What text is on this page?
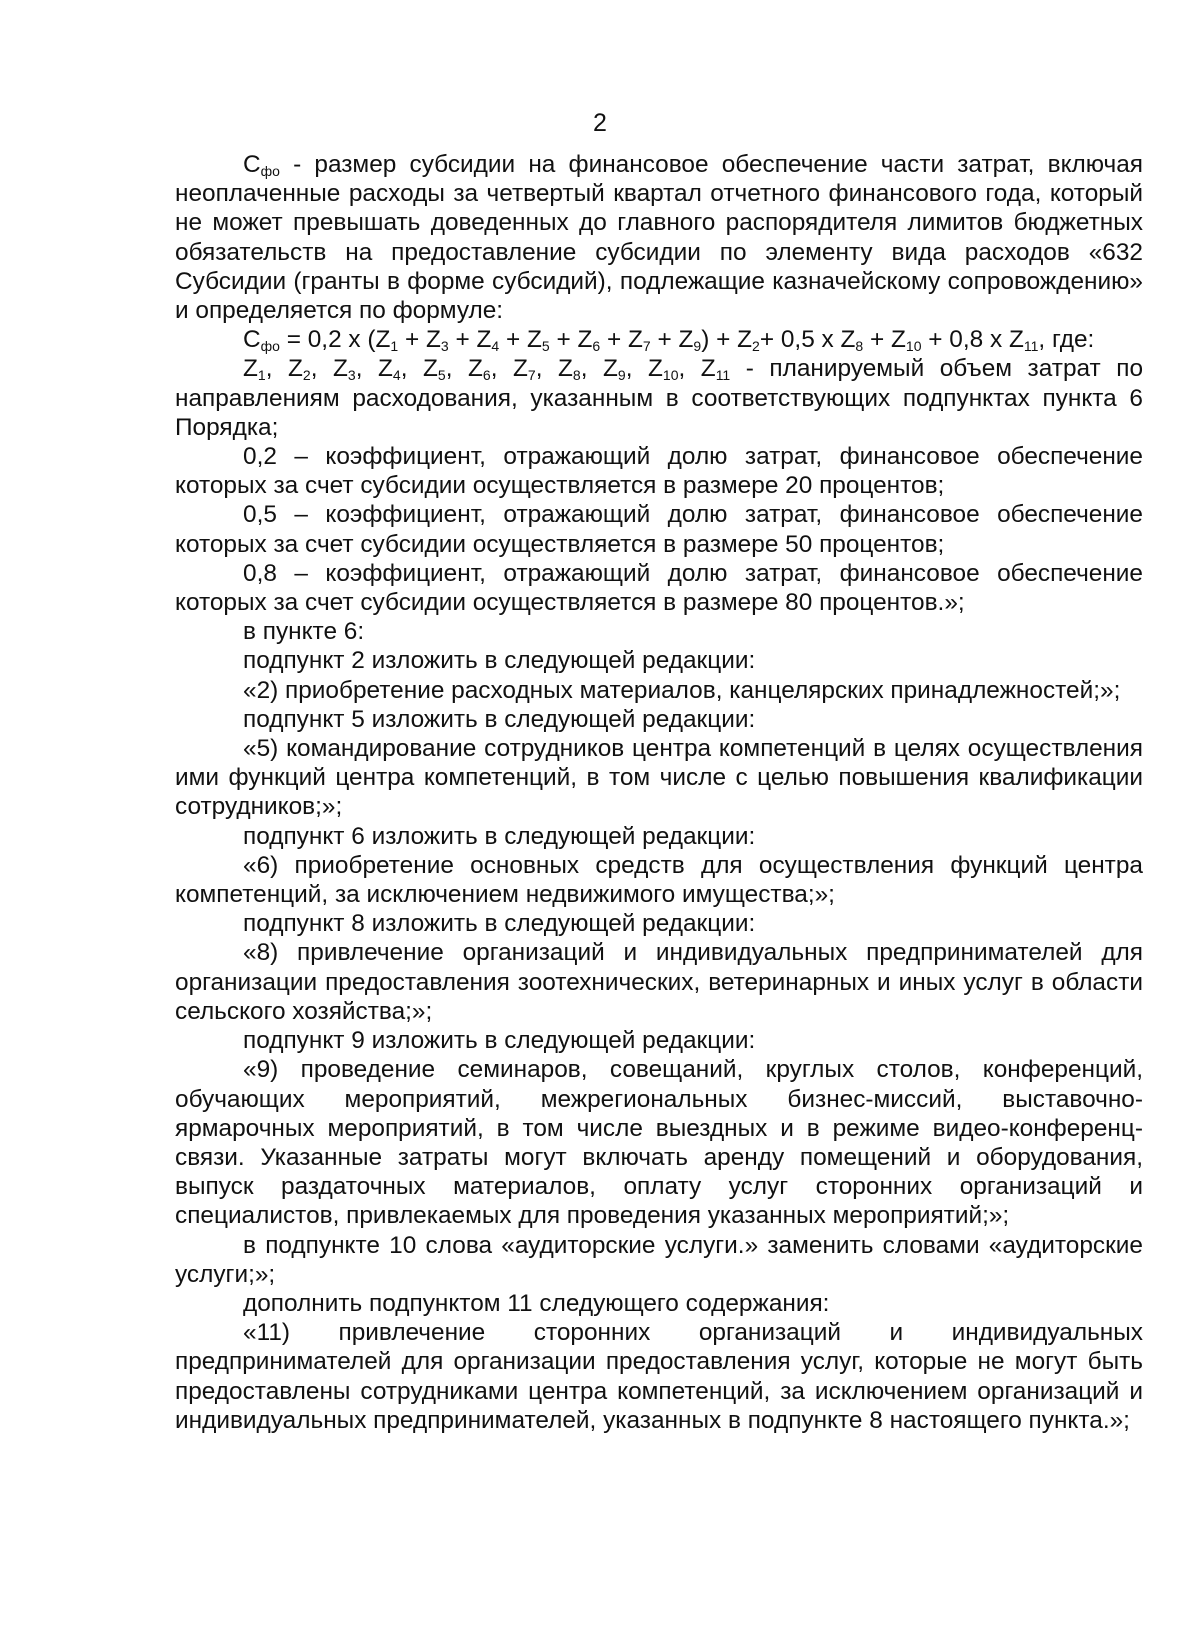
2

$С_{фо}$ - размер субсидии на финансовое обеспечение части затрат, включая неоплаченные расходы за четвертый квартал отчетного финансового года, который не может превышать доведенных до главного распорядителя лимитов бюджетных обязательств на предоставление субсидии по элементу вида расходов «632 Субсидии (гранты в форме субсидий), подлежащие казначейскому сопровождению» и определяется по формуле:

$С_{фо} = 0,2$ х $(Z_1 + Z_3 + Z_4 + Z_5 + Z_6 + Z_7 + Z_9) + Z_2+ 0,5$ х $Z_8 + Z_{10} + 0,8$ х $Z_{11}$, где:

$Z_1$, $Z_2$, $Z_3$, $Z_4$, $Z_5$, $Z_6$, $Z_7$, $Z_8$, $Z_9$, $Z_{10}$, $Z_{11}$ - планируемый объем затрат по направлениям расходования, указанным в соответствующих подпунктах пункта 6 Порядка;

0,2 – коэффициент, отражающий долю затрат, финансовое обеспечение которых за счет субсидии осуществляется в размере 20 процентов;

0,5 – коэффициент, отражающий долю затрат, финансовое обеспечение которых за счет субсидии осуществляется в размере 50 процентов;

0,8 – коэффициент, отражающий долю затрат, финансовое обеспечение которых за счет субсидии осуществляется в размере 80 процентов.»;

в пункте 6:

подпункт 2 изложить в следующей редакции:

«2) приобретение расходных материалов, канцелярских принадлежностей;»;

подпункт 5 изложить в следующей редакции:

«5) командирование сотрудников центра компетенций в целях осуществления ими функций центра компетенций, в том числе с целью повышения квалификации сотрудников;»;

подпункт 6 изложить в следующей редакции:

«6) приобретение основных средств для осуществления функций центра компетенций, за исключением недвижимого имущества;»;

подпункт 8 изложить в следующей редакции:

«8) привлечение организаций и индивидуальных предпринимателей для организации предоставления зоотехнических, ветеринарных и иных услуг в области сельского хозяйства;»;

подпункт 9 изложить в следующей редакции:

«9) проведение семинаров, совещаний, круглых столов, конференций, обучающих мероприятий, межрегиональных бизнес-миссий, выставочно-ярмарочных мероприятий, в том числе выездных и в режиме видео-конференц-связи. Указанные затраты могут включать аренду помещений и оборудования, выпуск раздаточных материалов, оплату услуг сторонних организаций и специалистов, привлекаемых для проведения указанных мероприятий;»;

в подпункте 10 слова «аудиторские услуги.» заменить словами «аудиторские услуги;»;

дополнить подпунктом 11 следующего содержания:

«11) привлечение сторонних организаций и индивидуальных предпринимателей для организации предоставления услуг, которые не могут быть предоставлены сотрудниками центра компетенций, за исключением организаций и индивидуальных предпринимателей, указанных в подпункте 8 настоящего пункта.»;
